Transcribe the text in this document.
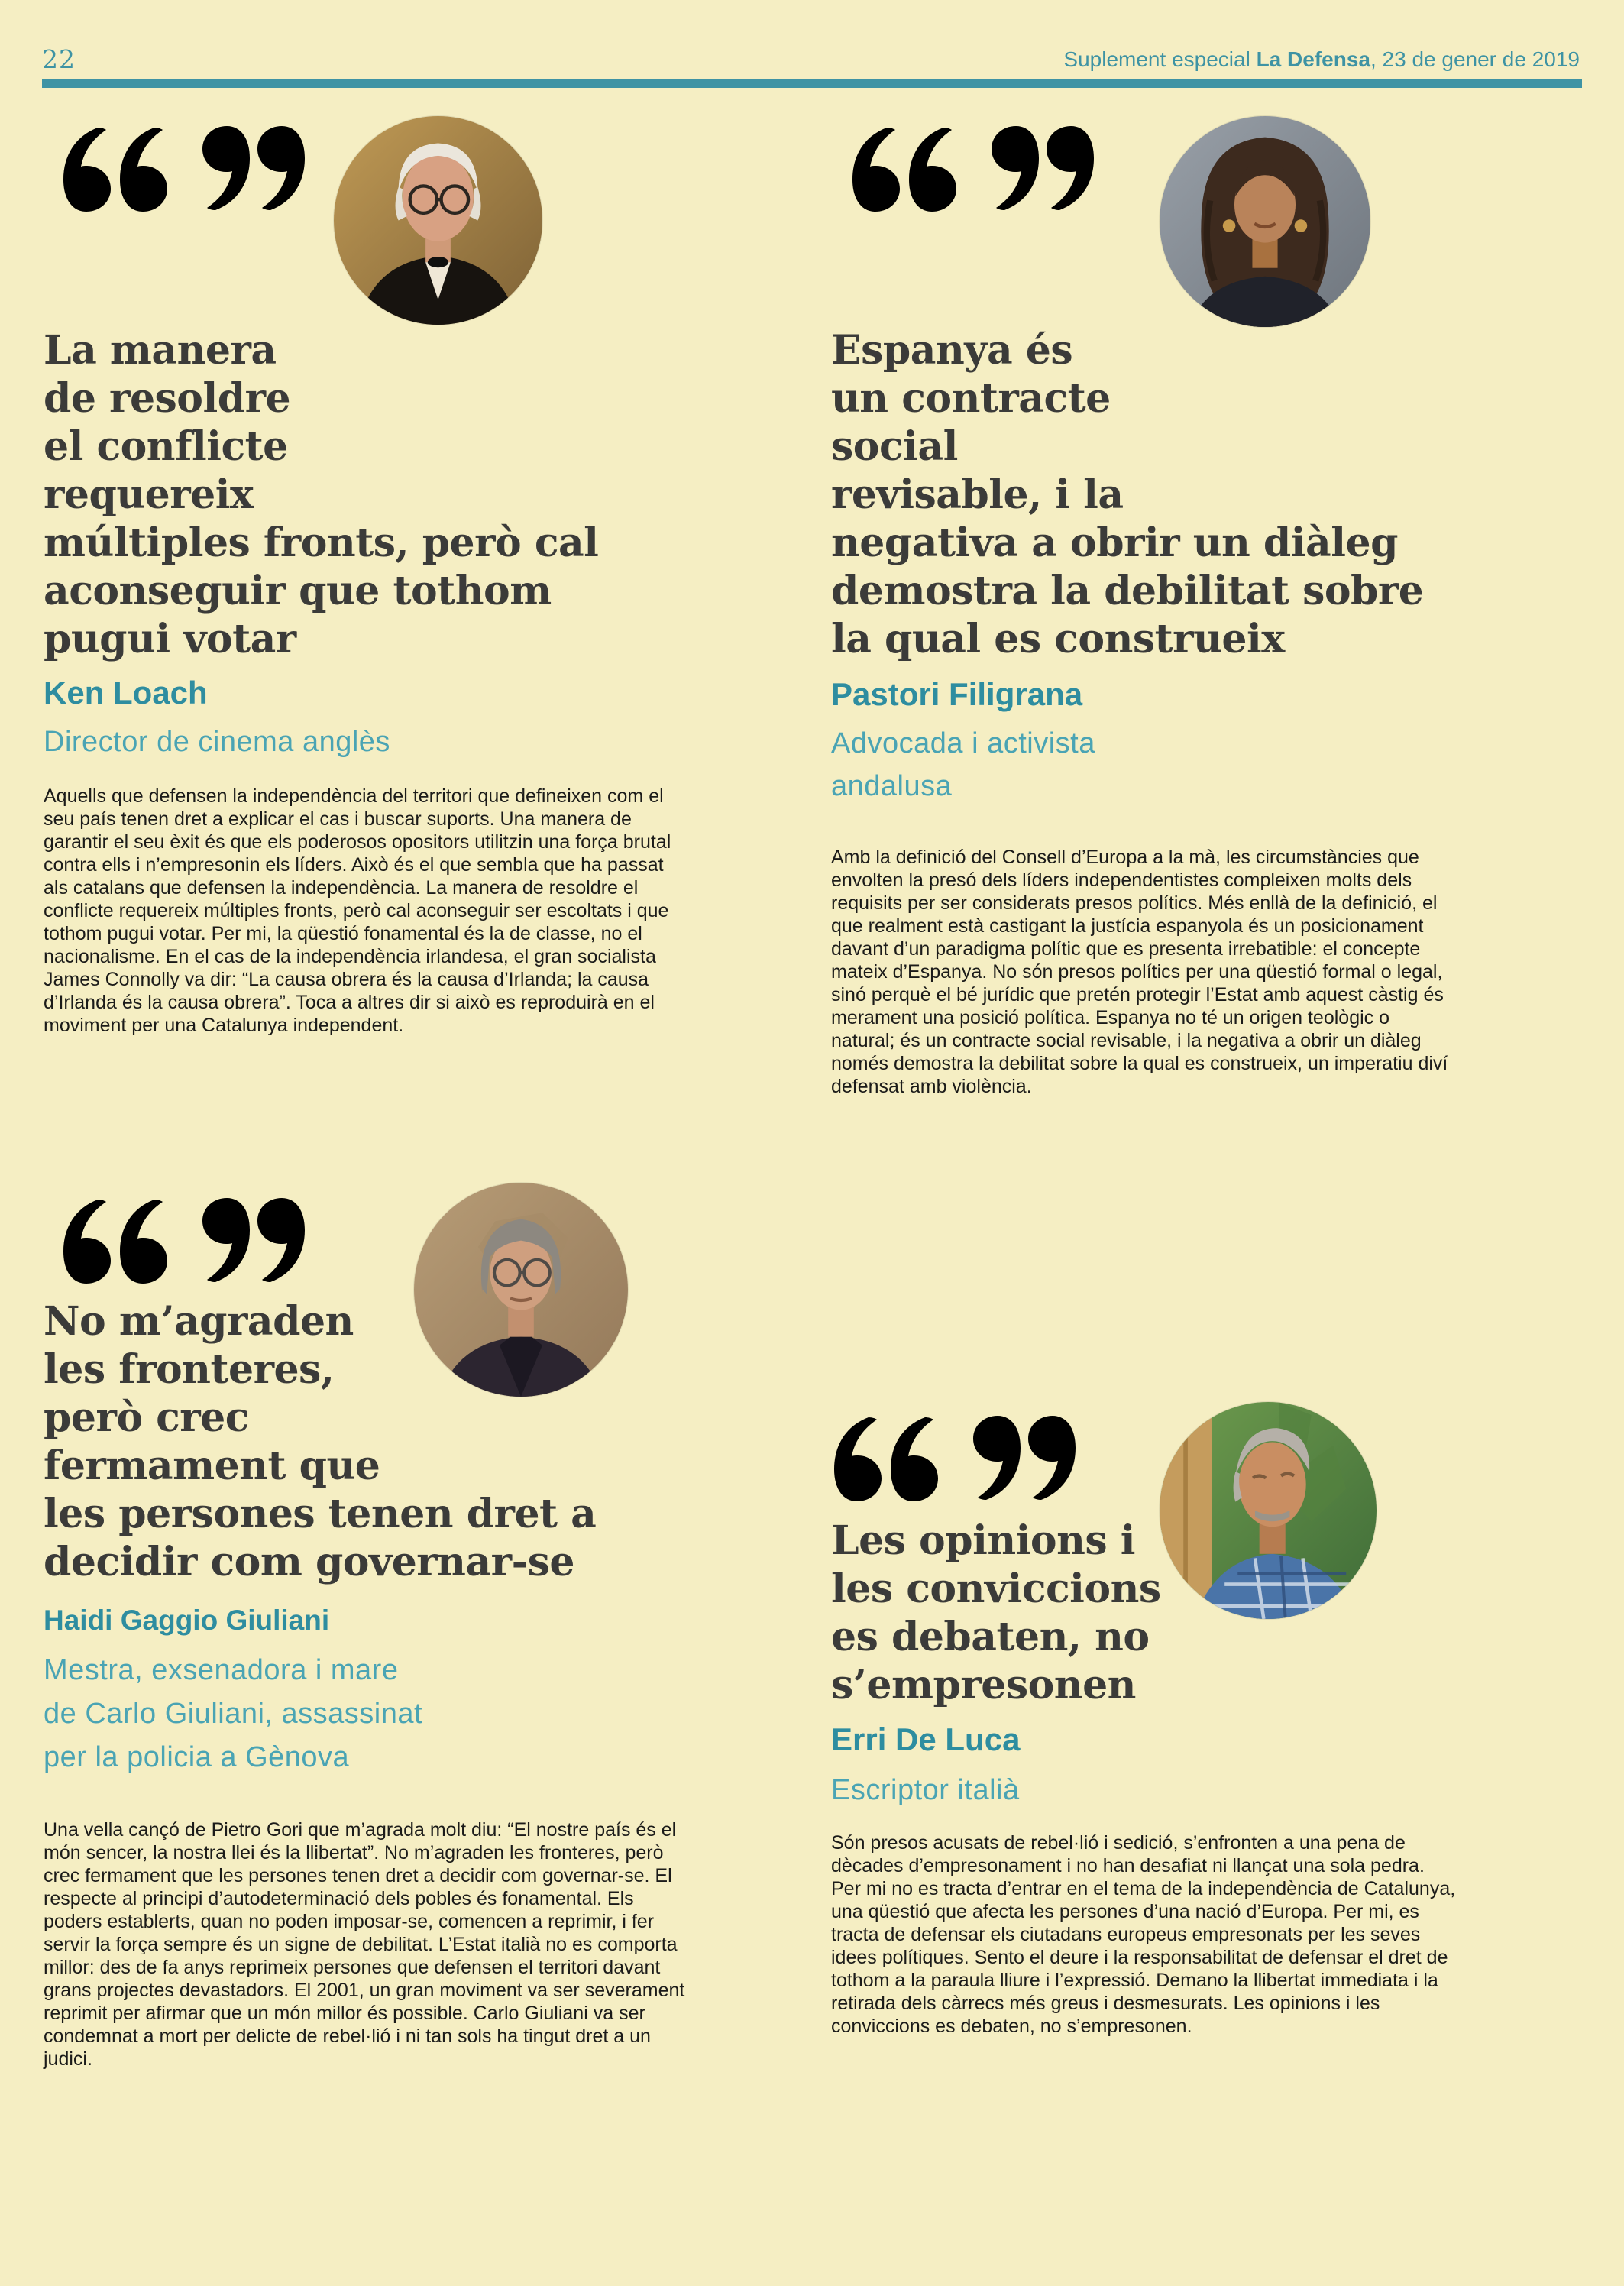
22	Suplement especial La Defensa, 23 de gener de 2019
La manera
de resoldre
el conflicte
requereix
múltiples fronts, però cal
aconseguir que tothom
pugui votar
Ken Loach
Director de cinema anglès

Aquells que defensen la independència del territori que defineixen com el seu país tenen dret a explicar el cas i buscar suports. Una manera de garantir el seu èxit és que els poderosos opositors utilitzin una força brutal contra ells i n’empresonin els líders. Això és el que sembla que ha passat als catalans que defensen la independència. La manera de resoldre el conflicte requereix múltiples fronts, però cal aconseguir ser escoltats i que tothom pugui votar. Per mi, la qüestió fonamental és la de classe, no el nacionalisme. En el cas de la independència irlandesa, el gran socialista James Connolly va dir: “La causa obrera és la causa d’Irlanda; la causa d’Irlanda és la causa obrera”. Toca a altres dir si això es reproduirà en el moviment per una Catalunya independent.

Espanya és
un contracte
social
revisable, i la
negativa a obrir un diàleg
demostra la debilitat sobre
la qual es construeix
Pastori Filigrana
Advocada i activista
andalusa

Amb la definició del Consell d’Europa a la mà, les circumstàncies que envolten la presó dels líders independentistes compleixen molts dels requisits per ser considerats presos polítics. Més enllà de la definició, el que realment està castigant la justícia espanyola és un posicionament davant d’un paradigma polític que es presenta irrebatible: el concepte mateix d’Espanya. No són presos polítics per una qüestió formal o legal, sinó perquè el bé jurídic que pretén protegir l’Estat amb aquest càstig és merament una posició política. Espanya no té un origen teològic o natural; és un contracte social revisable, i la negativa a obrir un diàleg només demostra la debilitat sobre la qual es construeix, un imperatiu diví defensat amb violència.

No m’agraden
les fronteres,
però crec
fermament que
les persones tenen dret a
decidir com governar-se
Haidi Gaggio Giuliani
Mestra, exsenadora i mare
de Carlo Giuliani, assassinat
per la policia a Gènova

Una vella cançó de Pietro Gori que m’agrada molt diu: “El nostre país és el món sencer, la nostra llei és la llibertat”. No m’agraden les fronteres, però crec fermament que les persones tenen dret a decidir com governar-se. El respecte al principi d’autodeterminació dels pobles és fonamental. Els poders establerts, quan no poden imposar-se, comencen a reprimir, i fer servir la força sempre és un signe de debilitat. L’Estat italià no es comporta millor: des de fa anys reprimeix persones que defensen el territori davant grans projectes devastadors. El 2001, un gran moviment va ser severament reprimit per afirmar que un món millor és possible. Carlo Giuliani va ser condemnat a mort per delicte de rebel·lió i ni tan sols ha tingut dret a un judici.

Les opinions i
les conviccions
es debaten, no
s’empresonen
Erri De Luca
Escriptor italià

Són presos acusats de rebel·lió i sedició, s’enfronten a una pena de dècades d’empresonament i no han desafiat ni llançat una sola pedra. Per mi no es tracta d’entrar en el tema de la independència de Catalunya, una qüestió que afecta les persones d’una nació d’Europa. Per mi, es tracta de defensar els ciutadans europeus empresonats per les seves idees polítiques. Sento el deure i la responsabilitat de defensar el dret de tothom a la paraula lliure i l’expressió. Demano la llibertat immediata i la retirada dels càrrecs més greus i desmesurats. Les opinions i les conviccions es debaten, no s’empresonen.
